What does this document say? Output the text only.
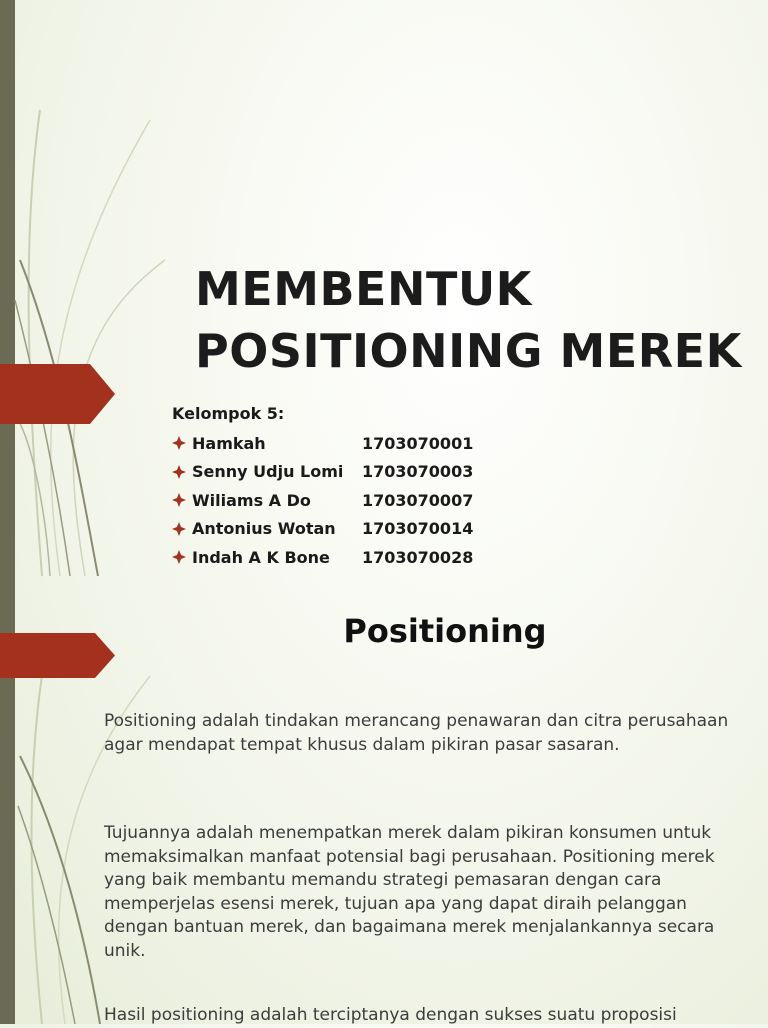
MEMBENTUK
POSITIONING MEREK
Kelompok 5:
Hamkah	1703070001
Senny Udju Lomi	1703070003
Wiliams A Do	1703070007
Antonius Wotan	1703070014
Indah A K Bone	1703070028
Positioning

Positioning adalah tindakan merancang penawaran dan citra perusahaan agar mendapat tempat khusus dalam pikiran pasar sasaran.

Tujuannya adalah menempatkan merek dalam pikiran konsumen untuk memaksimalkan manfaat potensial bagi perusahaan. Positioning merek yang baik membantu memandu strategi pemasaran dengan cara memperjelas esensi merek, tujuan apa yang dapat diraih pelanggan dengan bantuan merek, dan bagaimana merek menjalankannya secara unik.

Hasil positioning adalah terciptanya dengan sukses suatu proposisi
